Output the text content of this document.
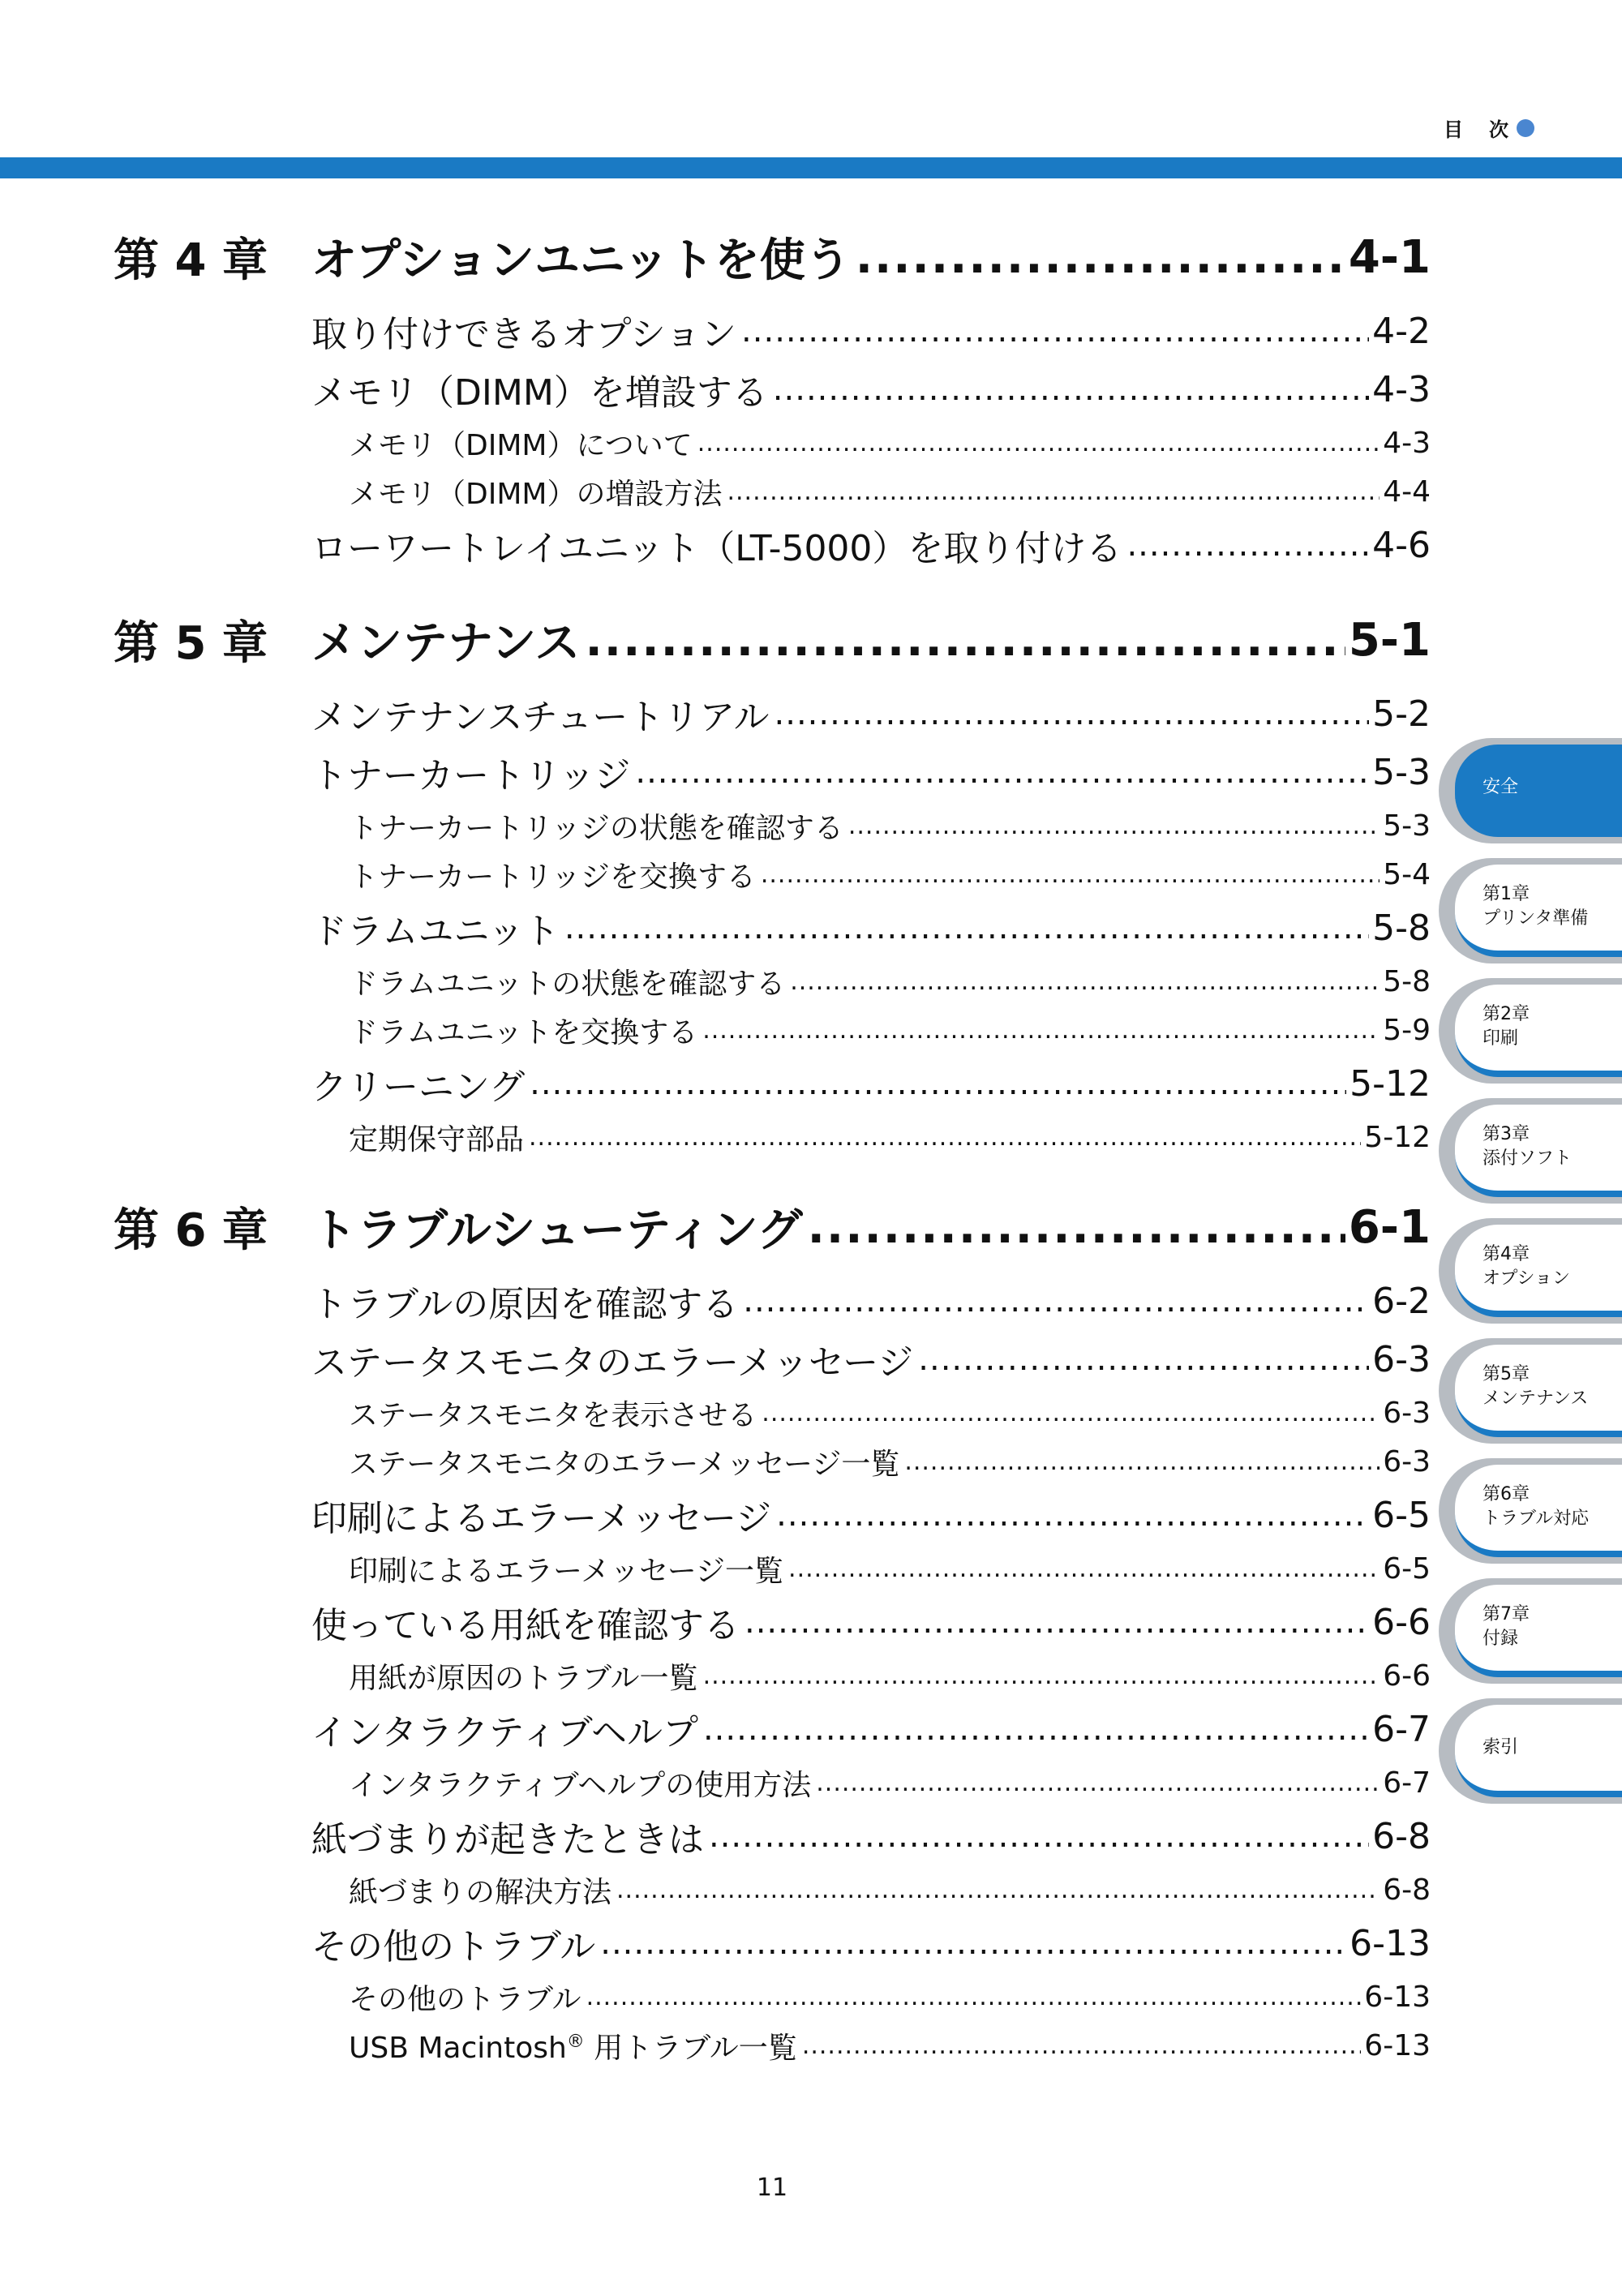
目　次
第 4 章 オプションユニットを使う .....	4-1
取り付けできるオプション .....	4-2
メモリ（DIMM）を増設する .....	4-3
メモリ（DIMM）について .....	4-3
メモリ（DIMM）の増設方法 .....	4-4
ローワートレイユニット（LT-5000）を取り付ける .....	4-6
第 5 章 メンテナンス .....	5-1
メンテナンスチュートリアル .....	5-2
トナーカートリッジ .....	5-3
トナーカートリッジの状態を確認する .....	5-3
トナーカートリッジを交換する .....	5-4
ドラムユニット .....	5-8
ドラムユニットの状態を確認する .....	5-8
ドラムユニットを交換する .....	5-9
クリーニング .....	5-12
定期保守部品 .....	5-12
第 6 章 トラブルシューティング .....	6-1
トラブルの原因を確認する .....	6-2
ステータスモニタのエラーメッセージ .....	6-3
ステータスモニタを表示させる .....	6-3
ステータスモニタのエラーメッセージ一覧 .....	6-3
印刷によるエラーメッセージ .....	6-5
印刷によるエラーメッセージ一覧 .....	6-5
使っている用紙を確認する .....	6-6
用紙が原因のトラブル一覧 .....	6-6
インタラクティブヘルプ .....	6-7
インタラクティブヘルプの使用方法 .....	6-7
紙づまりが起きたときは .....	6-8
紙づまりの解決方法 .....	6-8
その他のトラブル .....	6-13
その他のトラブル .....	6-13
USB Macintosh® 用トラブル一覧 .....	6-13
安全
第1章
プリンタ準備
第2章
印刷
第3章
添付ソフト
第4章
オプション
第5章
メンテナンス
第6章
トラブル対応
第7章
付録
索引
11
